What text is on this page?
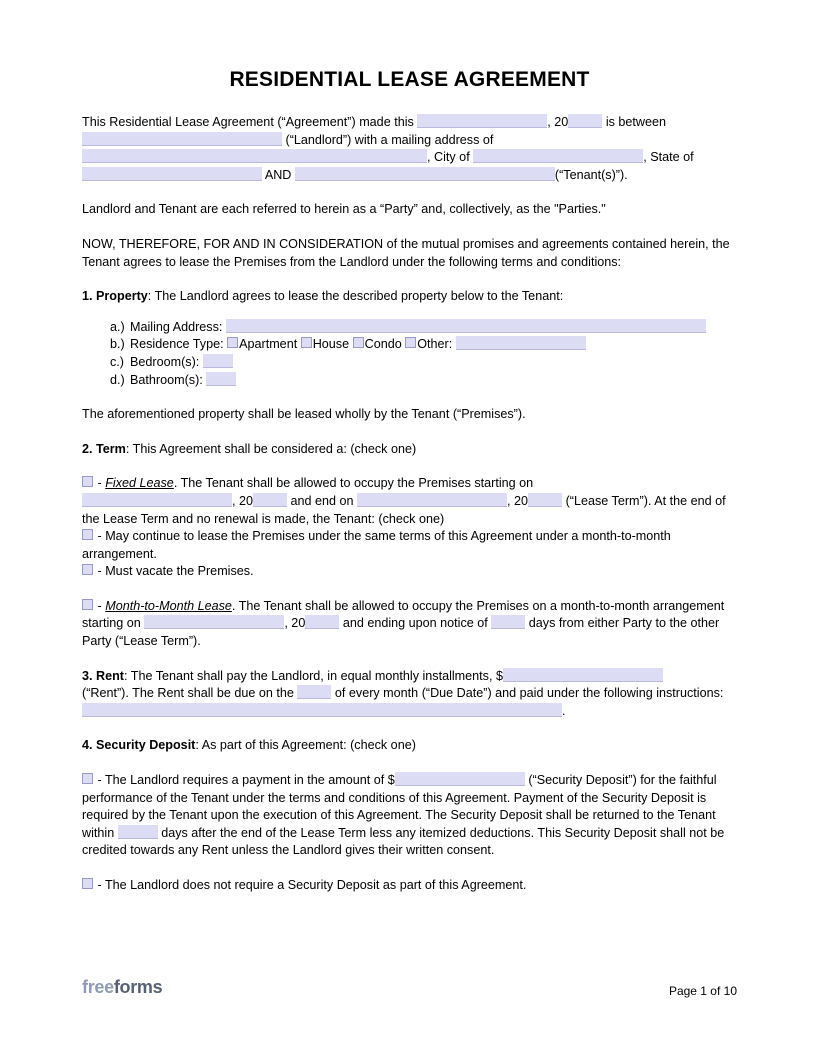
RESIDENTIAL LEASE AGREEMENT

This Residential Lease Agreement (“Agreement”) made this	, 20	is between  (“Landlord”) with a mailing address of
, City of	, State of
AND	(“Tenant(s)”).

Landlord and Tenant are each referred to herein as a “Party” and, collectively, as the "Parties."

NOW, THEREFORE, FOR AND IN CONSIDERATION of the mutual promises and agreements contained herein, the Tenant agrees to lease the Premises from the Landlord under the following terms and conditions:

1. Property: The Landlord agrees to lease the described property below to the Tenant:

a.) Mailing Address:
b.) Residence Type: Apartment House Condo Other:
c.) Bedroom(s):
d.) Bathroom(s):

The aforementioned property shall be leased wholly by the Tenant (“Premises”).

2. Term: This Agreement shall be considered a: (check one)

- Fixed Lease. The Tenant shall be allowed to occupy the Premises starting on
, 20	and end on	, 20	(“Lease Term”). At the end of the Lease Term and no renewal is made, the Tenant: (check one)

- May continue to lease the Premises under the same terms of this Agreement under a month-to-month arrangement.

- Must vacate the Premises.

- Month-to-Month Lease. The Tenant shall be allowed to occupy the Premises on a month-to-month arrangement starting on	, 20	and ending upon notice of	days from either Party to the other Party (“Lease Term”).

3. Rent: The Tenant shall pay the Landlord, in equal monthly installments, $
(“Rent”). The Rent shall be due on the	of every month (“Due Date”) and paid under the following instructions: .

4. Security Deposit: As part of this Agreement: (check one)

- The Landlord requires a payment in the amount of $	(“Security Deposit”) for the faithful performance of the Tenant under the terms and conditions of this Agreement. Payment of the Security Deposit is required by the Tenant upon the execution of this Agreement. The Security Deposit shall be returned to the Tenant within	days after the end of the Lease Term less any itemized deductions. This Security Deposit shall not be credited towards any Rent unless the Landlord gives their written consent.

- The Landlord does not require a Security Deposit as part of this Agreement.

freeforms	Page 1 of 10
